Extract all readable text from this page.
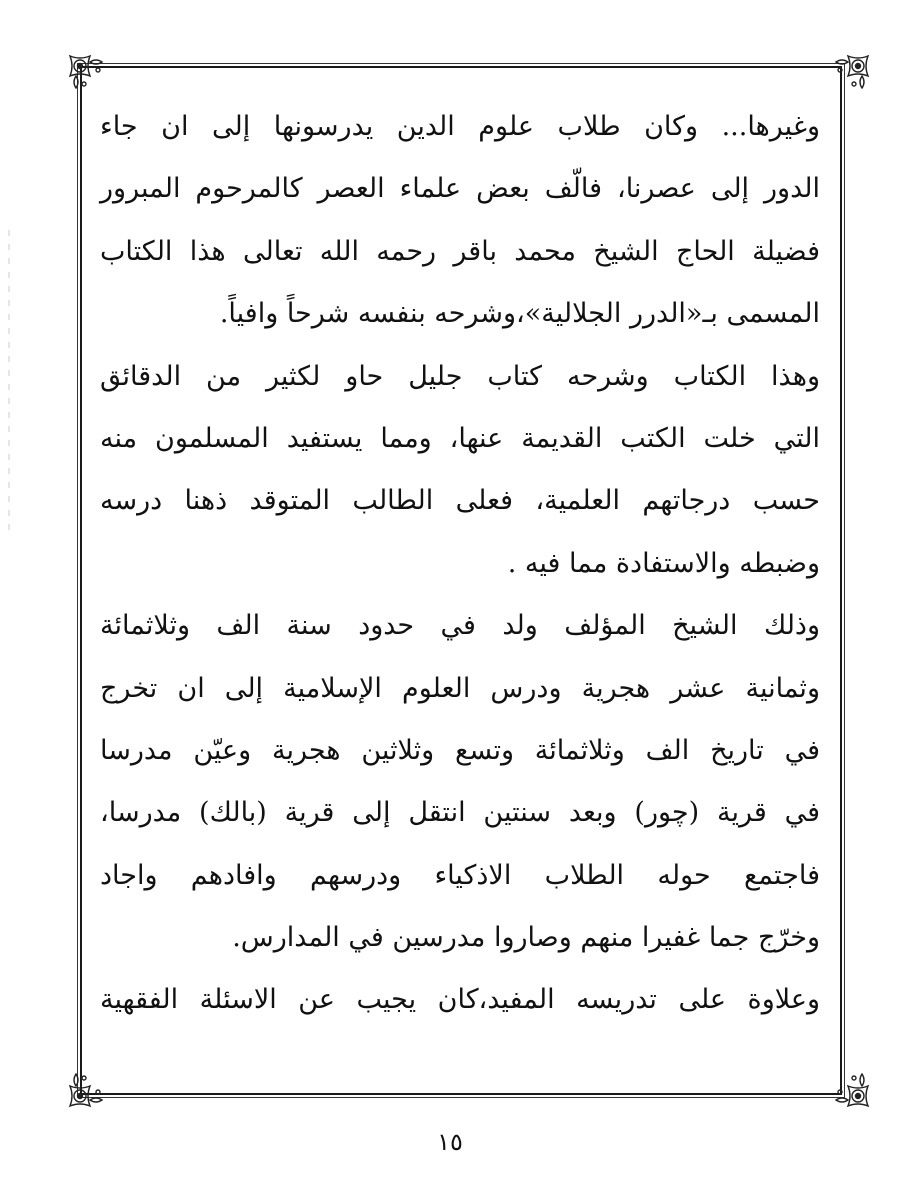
وغيرها... وكان طلاب علوم الدين يدرسونها إلى ان جاء
الدور إلى عصرنا، فالّف بعض علماء العصر كالمرحوم المبرور
فضيلة الحاج الشيخ محمد باقر رحمه الله تعالى هذا الكتاب
المسمى بـ«الدرر الجلالية»،وشرحه بنفسه شرحاً وافياً.
وهذا الكتاب وشرحه كتاب جليل حاو لكثير من الدقائق
التي خلت الكتب القديمة عنها، ومما يستفيد المسلمون منه
حسب درجاتهم العلمية، فعلى الطالب المتوقد ذهنا درسه
وضبطه والاستفادة مما فيه .
وذلك الشيخ المؤلف ولد في حدود سنة الف وثلاثمائة
وثمانية عشر هجرية ودرس العلوم الإسلامية إلى ان تخرج
في تاريخ الف وثلاثمائة وتسع وثلاثين هجرية وعيّن مدرسا
في قرية (چور) وبعد سنتين انتقل إلى قرية (بالك) مدرسا،
فاجتمع حوله الطلاب الاذكياء ودرسهم وافادهم واجاد
وخرّج جما غفيرا منهم وصاروا مدرسين في المدارس.
وعلاوة على تدريسه المفيد،كان يجيب عن الاسئلة الفقهية
١٥
